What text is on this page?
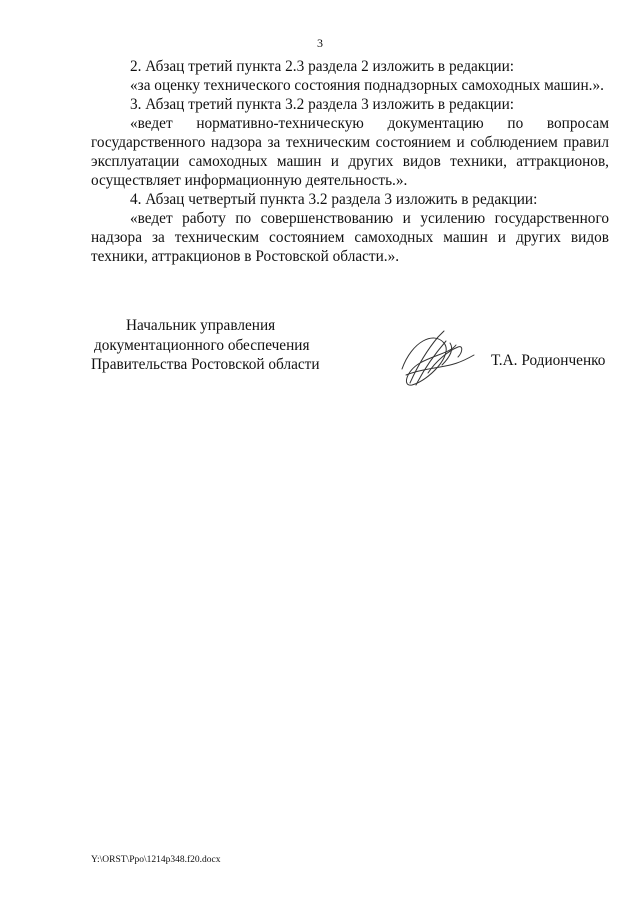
3

2. Абзац третий пункта 2.3 раздела 2 изложить в редакции:

«за оценку технического состояния поднадзорных самоходных машин.».

3. Абзац третий пункта 3.2 раздела 3 изложить в редакции:

«ведет нормативно-техническую документацию по вопросам государственного надзора за техническим состоянием и соблюдением правил эксплуатации самоходных машин и других видов техники, аттракционов, осуществляет информационную деятельность.».

4. Абзац четвертый пункта 3.2 раздела 3 изложить в редакции:

«ведет работу по совершенствованию и усилению государственного надзора за техническим состоянием самоходных машин и других видов техники, аттракционов в Ростовской области.».

Начальник управления
документационного обеспечения
Правительства Ростовской области	Т.А. Родионченко
Y:\ORST\Ppo\1214p348.f20.docx
